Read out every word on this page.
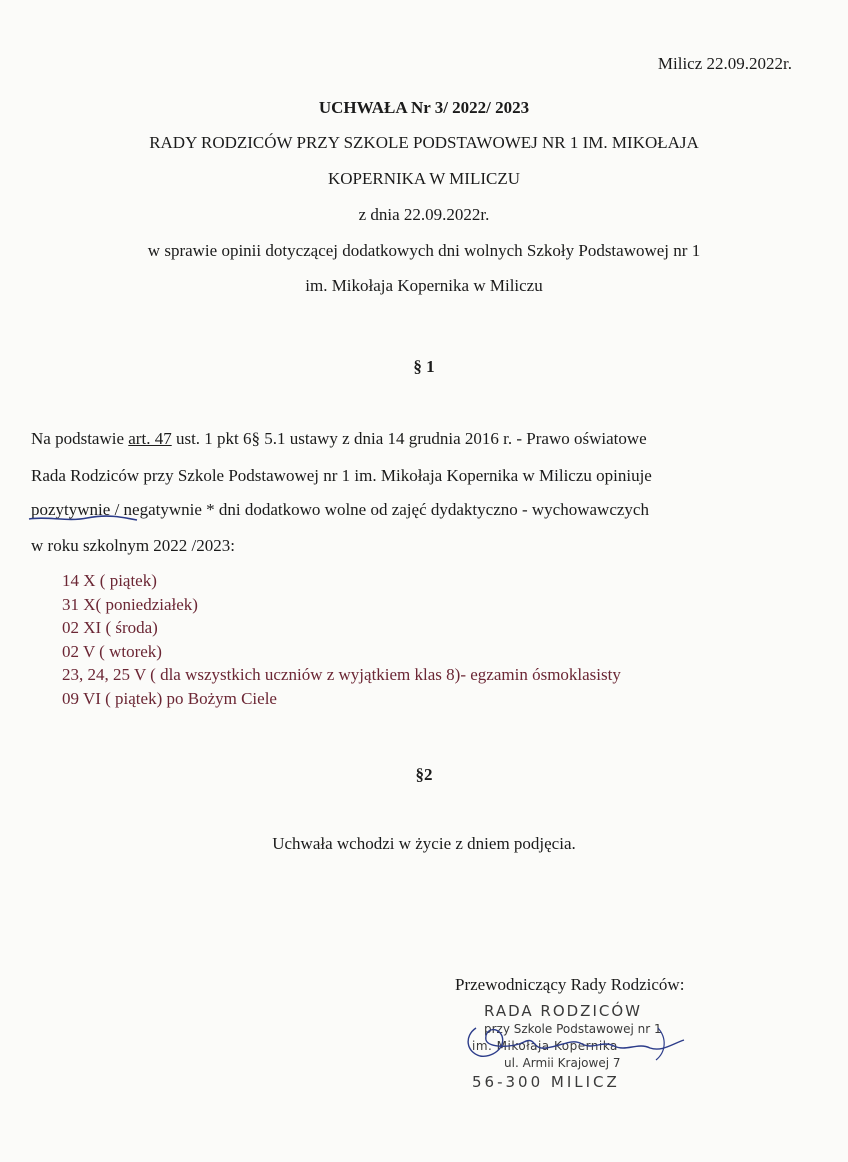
Milicz 22.09.2022r.
UCHWAŁA Nr 3/ 2022/ 2023
RADY RODZICÓW PRZY SZKOLE PODSTAWOWEJ NR 1 IM. MIKOŁAJA
KOPERNIKA W MILICZU
z dnia 22.09.2022r.
w sprawie opinii dotyczącej dodatkowych dni wolnych Szkoły Podstawowej nr 1
im. Mikołaja Kopernika w Miliczu
§ 1
Na podstawie art. 47 ust. 1 pkt 6§ 5.1 ustawy z dnia 14 grudnia 2016 r. - Prawo oświatowe
Rada Rodziców przy Szkole Podstawowej nr 1 im. Mikołaja Kopernika w Miliczu opiniuje
pozytywnie /
negatywnie * dni dodatkowo wolne od zajęć dydaktyczno - wychowawczych
w roku szkolnym 2022 /2023:
14 X ( piątek)
31 X( poniedziałek)
02 XI ( środa)
02 V ( wtorek)
23, 24, 25 V ( dla wszystkich uczniów z wyjątkiem klas 8)- egzamin ósmoklasisty
09 VI ( piątek) po Bożym Ciele
§2
Uchwała wchodzi w życie z dniem podjęcia.
Przewodniczący Rady Rodziców:
RADA RODZICÓW
przy Szkole Podstawowej nr 1
im. Mikołaja Kopernika
ul. Armii Krajowej 7
56-300 MILICZ
